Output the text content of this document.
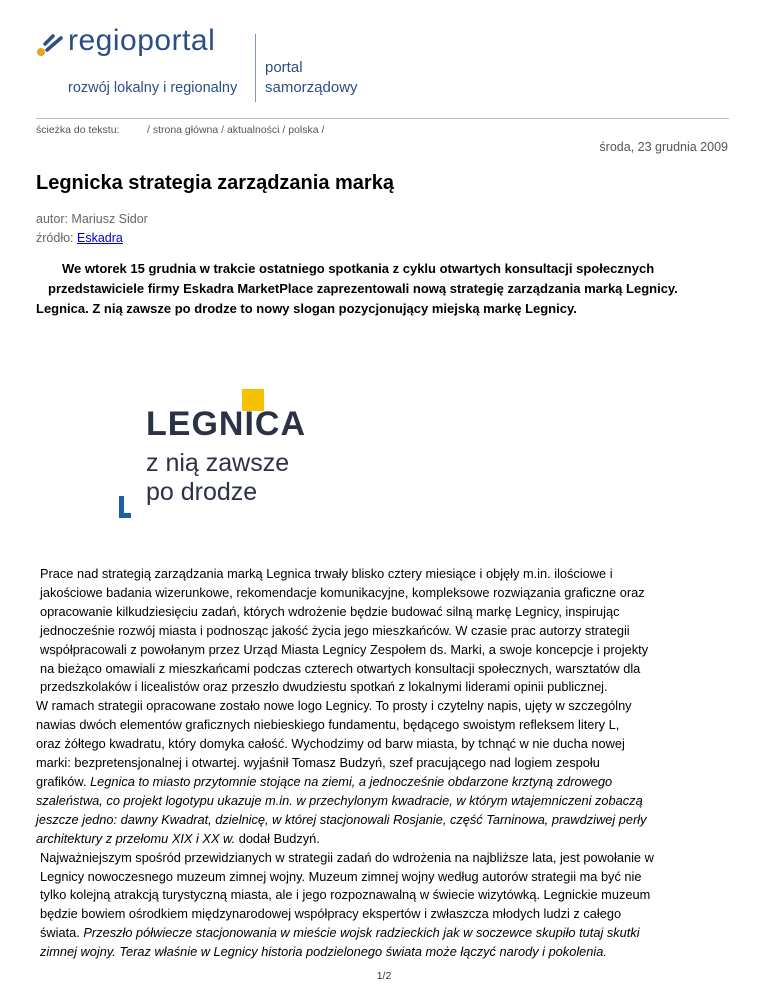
regioportal
rozwój lokalny i regionalny
portal
samorządowy
ścieżka do tekstu:	/ strona główna / aktualności / polska /
środa, 23 grudnia 2009
Legnicka strategia zarządzania marką
autor: Mariusz Sidor
źródło: Eskadra
We wtorek 15 grudnia w trakcie ostatniego spotkania z cyklu otwartych konsultacji społecznych
przedstawiciele firmy Eskadra MarketPlace zaprezentowali nową strategię zarządzania marką Legnicy.
Legnica. Z nią zawsze po drodze to nowy slogan pozycjonujący miejską markę Legnicy.
LEGNICA
z nią zawsze
po drodze
Prace nad strategią zarządzania marką Legnica trwały blisko cztery miesiące i objęły m.in. ilościowe i
jakościowe badania wizerunkowe, rekomendacje komunikacyjne, kompleksowe rozwiązania graficzne oraz
opracowanie kilkudziesięciu zadań, których wdrożenie będzie budować silną markę Legnicy, inspirując
jednocześnie rozwój miasta i podnosząc jakość życia jego mieszkańców. W czasie prac autorzy strategii
współpracowali z powołanym przez Urząd Miasta Legnicy Zespołem ds. Marki, a swoje koncepcje i projekty
na bieżąco omawiali z mieszkańcami podczas czterech otwartych konsultacji społecznych, warsztatów dla
przedszkolaków i licealistów oraz przeszło dwudziestu spotkań z lokalnymi liderami opinii publicznej.
W ramach strategii opracowane zostało nowe logo Legnicy. To prosty i czytelny napis, ujęty w szczególny
nawias dwóch elementów graficznych niebieskiego fundamentu, będącego swoistym refleksem litery L,
oraz żółtego kwadratu, który domyka całość. Wychodzimy od barw miasta, by tchnąć w nie ducha nowej
marki: bezpretensjonalnej i otwartej. wyjaśnił Tomasz Budzyń, szef pracującego nad logiem zespołu
grafików. Legnica to miasto przytomnie stojące na ziemi, a jednocześnie obdarzone krztyną zdrowego
szaleństwa, co projekt logotypu ukazuje m.in. w przechylonym kwadracie, w którym wtajemniczeni zobaczą
jeszcze jedno: dawny Kwadrat, dzielnicę, w której stacjonowali Rosjanie, część Tarninowa, prawdziwej perły
architektury z przełomu XIX i XX w. dodał Budzyń.
Najważniejszym spośród przewidzianych w strategii zadań do wdrożenia na najbliższe lata, jest powołanie w
Legnicy nowoczesnego muzeum zimnej wojny. Muzeum zimnej wojny według autorów strategii ma być nie
tylko kolejną atrakcją turystyczną miasta, ale i jego rozpoznawalną w świecie wizytówką. Legnickie muzeum
będzie bowiem ośrodkiem międzynarodowej współpracy ekspertów i zwłaszcza młodych ludzi z całego
świata. Przeszło półwiecze stacjonowania w mieście wojsk radzieckich jak w soczewce skupiło tutaj skutki
zimnej wojny. Teraz właśnie w Legnicy historia podzielonego świata może łączyć narody i pokolenia.
1/2
